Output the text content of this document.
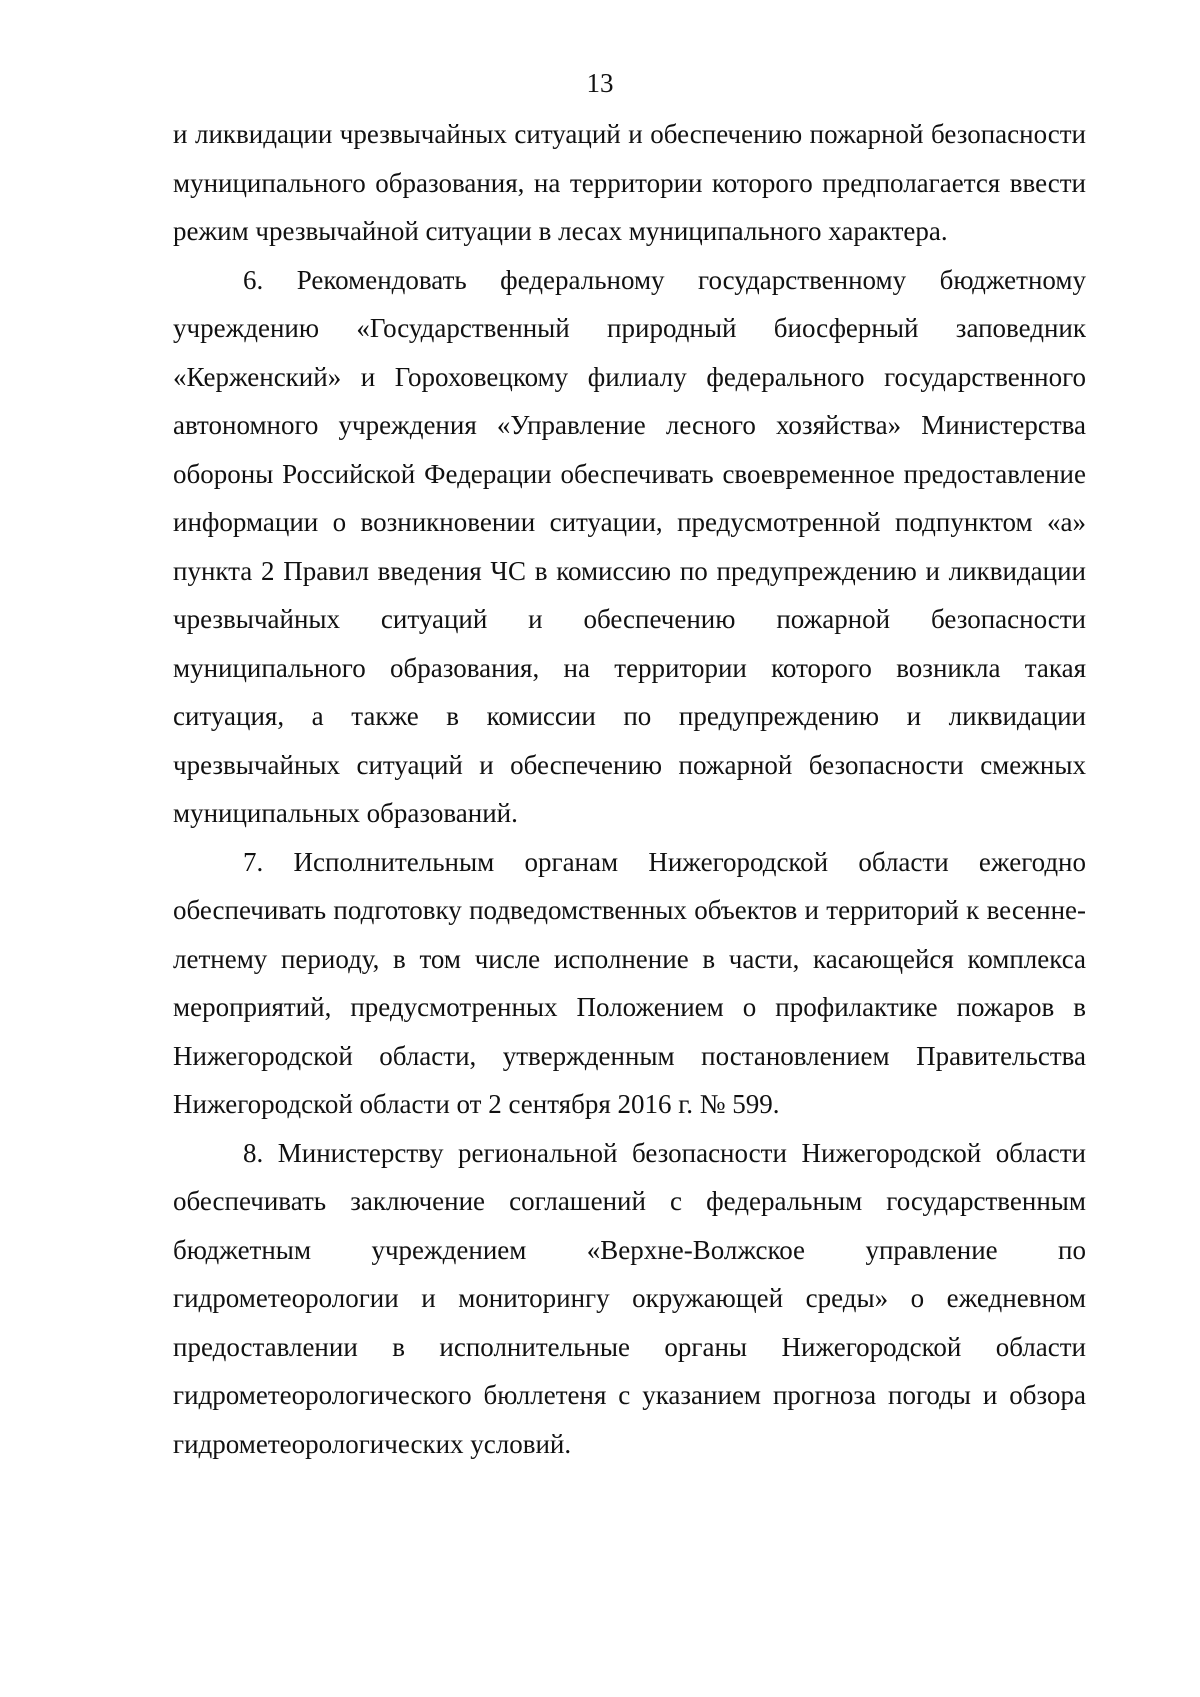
13

и ликвидации чрезвычайных ситуаций и обеспечению пожарной безопасности муниципального образования, на территории которого предполагается ввести режим чрезвычайной ситуации в лесах муниципального характера.

6. Рекомендовать федеральному государственному бюджетному учреждению «Государственный природный биосферный заповедник «Керженский» и Гороховецкому филиалу федерального государственного автономного учреждения «Управление лесного хозяйства» Министерства обороны Российской Федерации обеспечивать своевременное предоставление информации о возникновении ситуации, предусмотренной подпунктом «а» пункта 2 Правил введения ЧС в комиссию по предупреждению и ликвидации чрезвычайных ситуаций и обеспечению пожарной безопасности муниципального образования, на территории которого возникла такая ситуация, а также в комиссии по предупреждению и ликвидации чрезвычайных ситуаций и обеспечению пожарной безопасности смежных муниципальных образований.

7. Исполнительным органам Нижегородской области ежегодно обеспечивать подготовку подведомственных объектов и территорий к весенне-летнему периоду, в том числе исполнение в части, касающейся комплекса мероприятий, предусмотренных Положением о профилактике пожаров в Нижегородской области, утвержденным постановлением Правительства Нижегородской области от 2 сентября 2016 г. № 599.

8. Министерству региональной безопасности Нижегородской области обеспечивать заключение соглашений с федеральным государственным бюджетным учреждением «Верхне-Волжское управление по гидрометеорологии и мониторингу окружающей среды» о ежедневном предоставлении в исполнительные органы Нижегородской области гидрометеорологического бюллетеня с указанием прогноза погоды и обзора гидрометеорологических условий.
